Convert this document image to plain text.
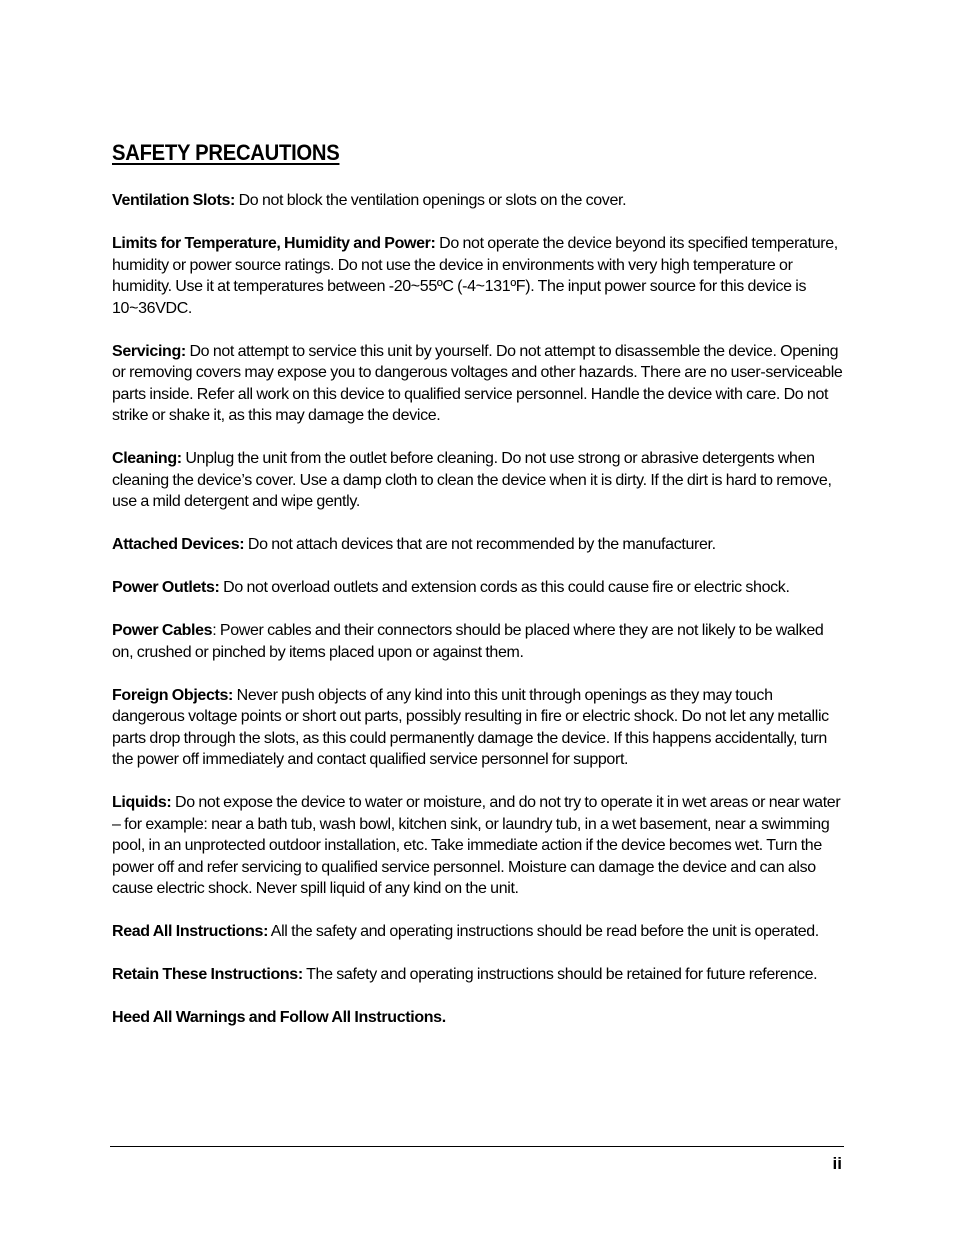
SAFETY PRECAUTIONS

Ventilation Slots: Do not block the ventilation openings or slots on the cover.

Limits for Temperature, Humidity and Power: Do not operate the device beyond its specified temperature, humidity or power source ratings. Do not use the device in environments with very high temperature or humidity. Use it at temperatures between -20~55ºC (-4~131ºF). The input power source for this device is 10~36VDC.

Servicing: Do not attempt to service this unit by yourself. Do not attempt to disassemble the device. Opening or removing covers may expose you to dangerous voltages and other hazards. There are no user-serviceable parts inside. Refer all work on this device to qualified service personnel. Handle the device with care. Do not strike or shake it, as this may damage the device.

Cleaning: Unplug the unit from the outlet before cleaning. Do not use strong or abrasive detergents when cleaning the device’s cover. Use a damp cloth to clean the device when it is dirty. If the dirt is hard to remove, use a mild detergent and wipe gently.

Attached Devices: Do not attach devices that are not recommended by the manufacturer.

Power Outlets: Do not overload outlets and extension cords as this could cause fire or electric shock.

Power Cables: Power cables and their connectors should be placed where they are not likely to be walked on, crushed or pinched by items placed upon or against them.

Foreign Objects: Never push objects of any kind into this unit through openings as they may touch dangerous voltage points or short out parts, possibly resulting in fire or electric shock. Do not let any metallic parts drop through the slots, as this could permanently damage the device. If this happens accidentally, turn the power off immediately and contact qualified service personnel for support.

Liquids: Do not expose the device to water or moisture, and do not try to operate it in wet areas or near water – for example: near a bath tub, wash bowl, kitchen sink, or laundry tub, in a wet basement, near a swimming pool, in an unprotected outdoor installation, etc. Take immediate action if the device becomes wet. Turn the power off and refer servicing to qualified service personnel. Moisture can damage the device and can also cause electric shock. Never spill liquid of any kind on the unit.

Read All Instructions: All the safety and operating instructions should be read before the unit is operated.

Retain These Instructions: The safety and operating instructions should be retained for future reference.

Heed All Warnings and Follow All Instructions.

ii
